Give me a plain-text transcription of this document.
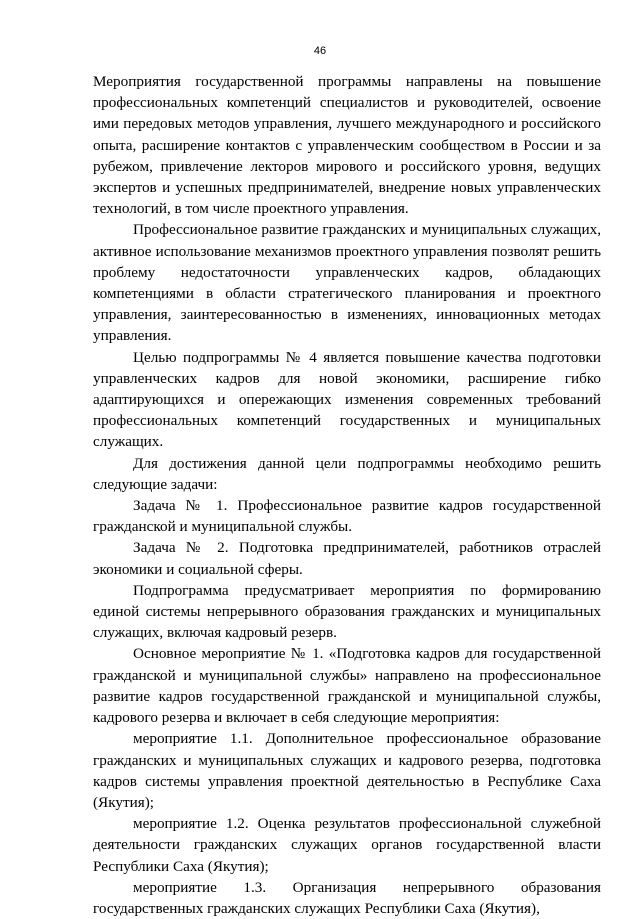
46

Мероприятия государственной программы направлены на повышение профессиональных компетенций специалистов и руководителей, освоение ими передовых методов управления, лучшего международного и российского опыта, расширение контактов с управленческим сообществом в России и за рубежом, привлечение лекторов мирового и российского уровня, ведущих экспертов и успешных предпринимателей, внедрение новых управленческих технологий, в том числе проектного управления.

Профессиональное развитие гражданских и муниципальных служащих, активное использование механизмов проектного управления позволят решить проблему недостаточности управленческих кадров, обладающих компетенциями в области стратегического планирования и проектного управления, заинтересованностью в изменениях, инновационных методах управления.

Целью подпрограммы № 4 является повышение качества подготовки управленческих кадров для новой экономики, расширение гибко адаптирующихся и опережающих изменения современных требований профессиональных компетенций государственных и муниципальных служащих.

Для достижения данной цели подпрограммы необходимо решить следующие задачи:

Задача № 1. Профессиональное развитие кадров государственной гражданской и муниципальной службы.

Задача № 2. Подготовка предпринимателей, работников отраслей экономики и социальной сферы.

Подпрограмма предусматривает мероприятия по формированию единой системы непрерывного образования гражданских и муниципальных служащих, включая кадровый резерв.

Основное мероприятие № 1. «Подготовка кадров для государственной гражданской и муниципальной службы» направлено на профессиональное развитие кадров государственной гражданской и муниципальной службы, кадрового резерва и включает в себя следующие мероприятия:

мероприятие 1.1. Дополнительное профессиональное образование гражданских и муниципальных служащих и кадрового резерва, подготовка кадров системы управления проектной деятельностью в Республике Саха (Якутия);

мероприятие 1.2. Оценка результатов профессиональной служебной деятельности гражданских служащих органов государственной власти Республики Саха (Якутия);

мероприятие 1.3. Организация непрерывного образования государственных гражданских служащих Республики Саха (Якутия),
